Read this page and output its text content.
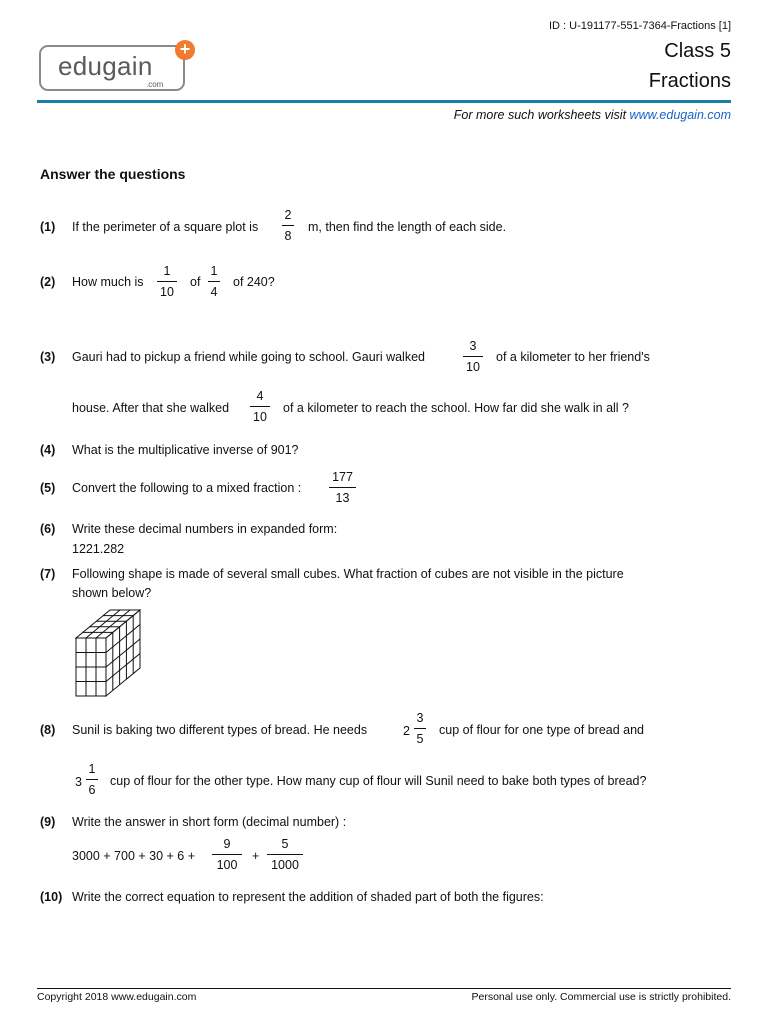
edugain
.com
+
ID : U-191177-551-7364-Fractions [1]
Class 5
Fractions
For more such worksheets visit www.edugain.com
Answer the questions
(1) If the perimeter of a square plot is
2
8
m, then find the length of each side.
(2) How much is
1
10
of
1
4
of 240?
(3) Gauri had to pickup a friend while going to school. Gauri walked
3
10
of a kilometer to her friend's
house. After that she walked
4
10
of a kilometer to reach the school. How far did she walk in all ?
(4) What is the multiplicative inverse of 901?
(5) Convert the following to a mixed fraction :
177
13
(6) Write these decimal numbers in expanded form:
1221.282
(7) Following shape is made of several small cubes. What fraction of cubes are not visible in the picture
shown below?
(8) Sunil is baking two different types of bread. He needs	2
3
5
cup of flour for one type of bread and
3
1
6
cup of flour for the other type. How many cup of flour will Sunil need to bake both types of bread?
(9) Write the answer in short form (decimal number) :
3000 + 700 + 30 + 6 +
9
100
+
5
1000
(10) Write the correct equation to represent the addition of shaded part of both the figures:
Copyright 2018 www.edugain.com	Personal use only. Commercial use is strictly prohibited.
